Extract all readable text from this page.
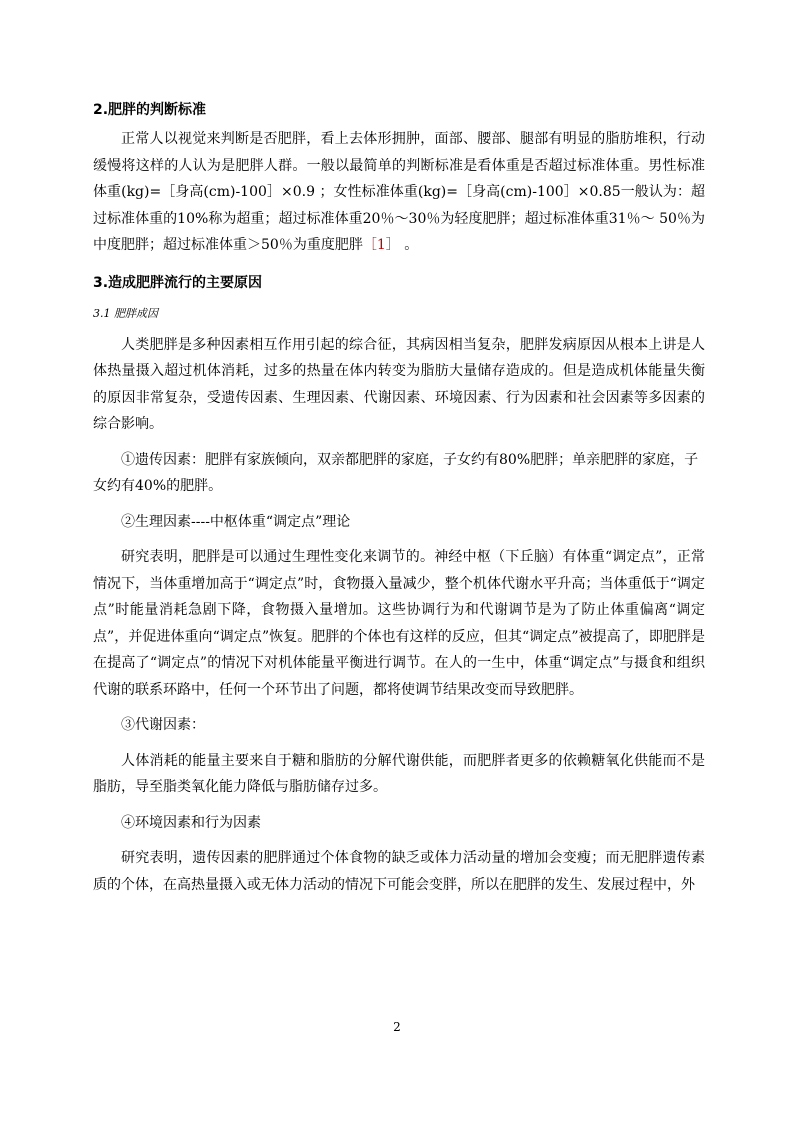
2.肥胖的判断标准

正常人以视觉来判断是否肥胖，看上去体形拥肿，面部、腰部、腿部有明显的脂肪堆积，行动缓慢将这样的人认为是肥胖人群。一般以最简单的判断标准是看体重是否超过标准体重。男性标准体重(kg)=［身高(cm)-100］×0.9 ；女性标准体重(kg)=［身高(cm)-100］×0.85一般认为：超过标准体重的10%称为超重；超过标准体重20％～30％为轻度肥胖；超过标准体重31％～ 50％为中度肥胖；超过标准体重＞50％为重度肥胖［1］ 。

3.造成肥胖流行的主要原因
3.1 肥胖成因

人类肥胖是多种因素相互作用引起的综合征，其病因相当复杂，肥胖发病原因从根本上讲是人体热量摄入超过机体消耗，过多的热量在体内转变为脂肪大量储存造成的。但是造成机体能量失衡的原因非常复杂，受遗传因素、生理因素、代谢因素、环境因素、行为因素和社会因素等多因素的综合影响。

①遗传因素：肥胖有家族倾向，双亲都肥胖的家庭，子女约有80%肥胖；单亲肥胖的家庭，子女约有40%的肥胖。

②生理因素----中枢体重“调定点”理论

研究表明，肥胖是可以通过生理性变化来调节的。神经中枢（下丘脑）有体重“调定点”，正常情况下，当体重增加高于“调定点”时，食物摄入量减少，整个机体代谢水平升高；当体重低于“调定点”时能量消耗急剧下降，食物摄入量增加。这些协调行为和代谢调节是为了防止体重偏离“调定点”，并促进体重向“调定点”恢复。肥胖的个体也有这样的反应，但其“调定点”被提高了，即肥胖是在提高了“调定点”的情况下对机体能量平衡进行调节。在人的一生中，体重“调定点”与摄食和组织代谢的联系环路中，任何一个环节出了问题，都将使调节结果改变而导致肥胖。

③代谢因素：

人体消耗的能量主要来自于糖和脂肪的分解代谢供能，而肥胖者更多的依赖糖氧化供能而不是脂肪，导至脂类氧化能力降低与脂肪储存过多。

④环境因素和行为因素

研究表明，遗传因素的肥胖通过个体食物的缺乏或体力活动量的增加会变瘦；而无肥胖遗传素质的个体，在高热量摄入或无体力活动的情况下可能会变胖，所以在肥胖的发生、发展过程中，外

2
